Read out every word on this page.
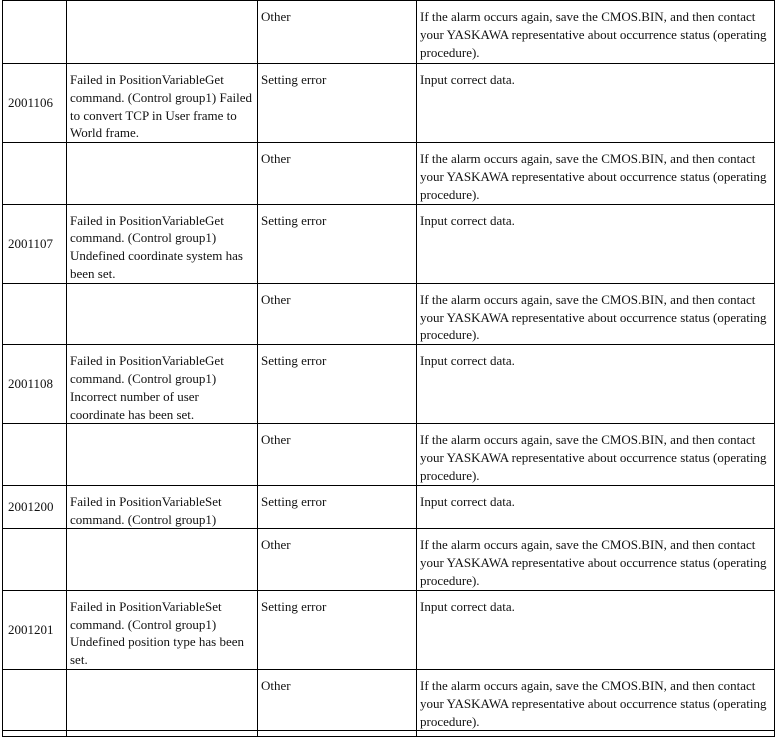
		Other	If the alarm occurs again, save the CMOS.BIN, and then contact your YASKAWA representative about occurrence status (operating procedure).
2001106	Failed in PositionVariableGet command. (Control group1) Failed to convert TCP in User frame to World frame.	Setting error	Input correct data.
		Other	If the alarm occurs again, save the CMOS.BIN, and then contact your YASKAWA representative about occurrence status (operating procedure).
2001107	Failed in PositionVariableGet command. (Control group1) Undefined coordinate system has been set.	Setting error	Input correct data.
		Other	If the alarm occurs again, save the CMOS.BIN, and then contact your YASKAWA representative about occurrence status (operating procedure).
2001108	Failed in PositionVariableGet command. (Control group1) Incorrect number of user coordinate has been set.	Setting error	Input correct data.
		Other	If the alarm occurs again, save the CMOS.BIN, and then contact your YASKAWA representative about occurrence status (operating procedure).
2001200	Failed in PositionVariableSet command. (Control group1)	Setting error	Input correct data.
		Other	If the alarm occurs again, save the CMOS.BIN, and then contact your YASKAWA representative about occurrence status (operating procedure).
2001201	Failed in PositionVariableSet command. (Control group1) Undefined position type has been set.	Setting error	Input correct data.
		Other	If the alarm occurs again, save the CMOS.BIN, and then contact your YASKAWA representative about occurrence status (operating procedure).
